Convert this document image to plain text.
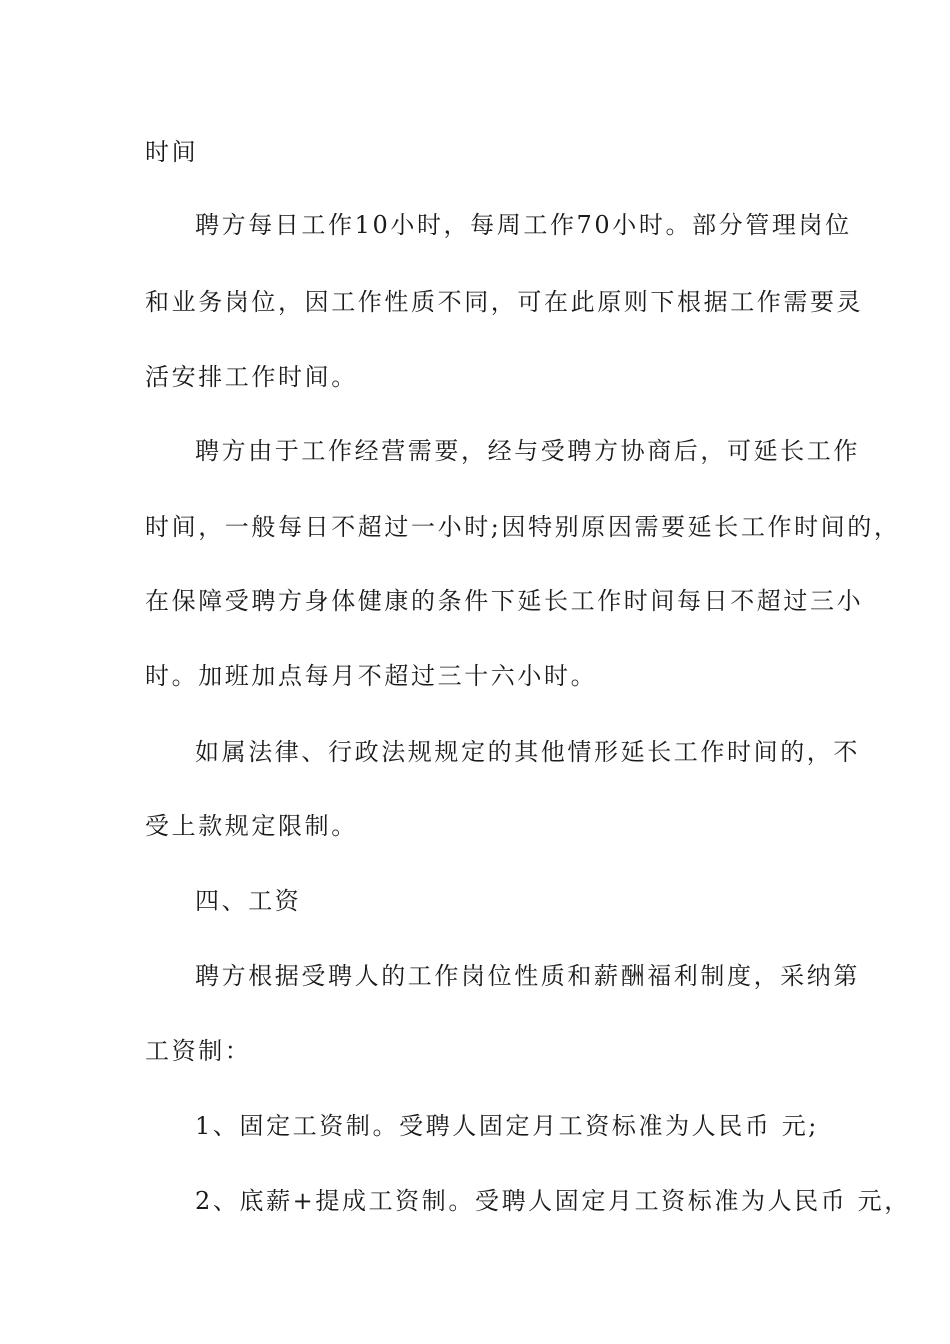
时间
聘方每日工作10小时，每周工作70小时。部分管理岗位
和业务岗位，因工作性质不同，可在此原则下根据工作需要灵
活安排工作时间。
聘方由于工作经营需要，经与受聘方协商后，可延长工作
时间，一般每日不超过一小时;因特别原因需要延长工作时间的，
在保障受聘方身体健康的条件下延长工作时间每日不超过三小
时。加班加点每月不超过三十六小时。
如属法律、行政法规规定的其他情形延长工作时间的，不
受上款规定限制。
四、工资
聘方根据受聘人的工作岗位性质和薪酬福利制度，采纳第
工资制：
1、固定工资制。受聘人固定月工资标准为人民币 元;
2、底薪+提成工资制。受聘人固定月工资标准为人民币 元，
